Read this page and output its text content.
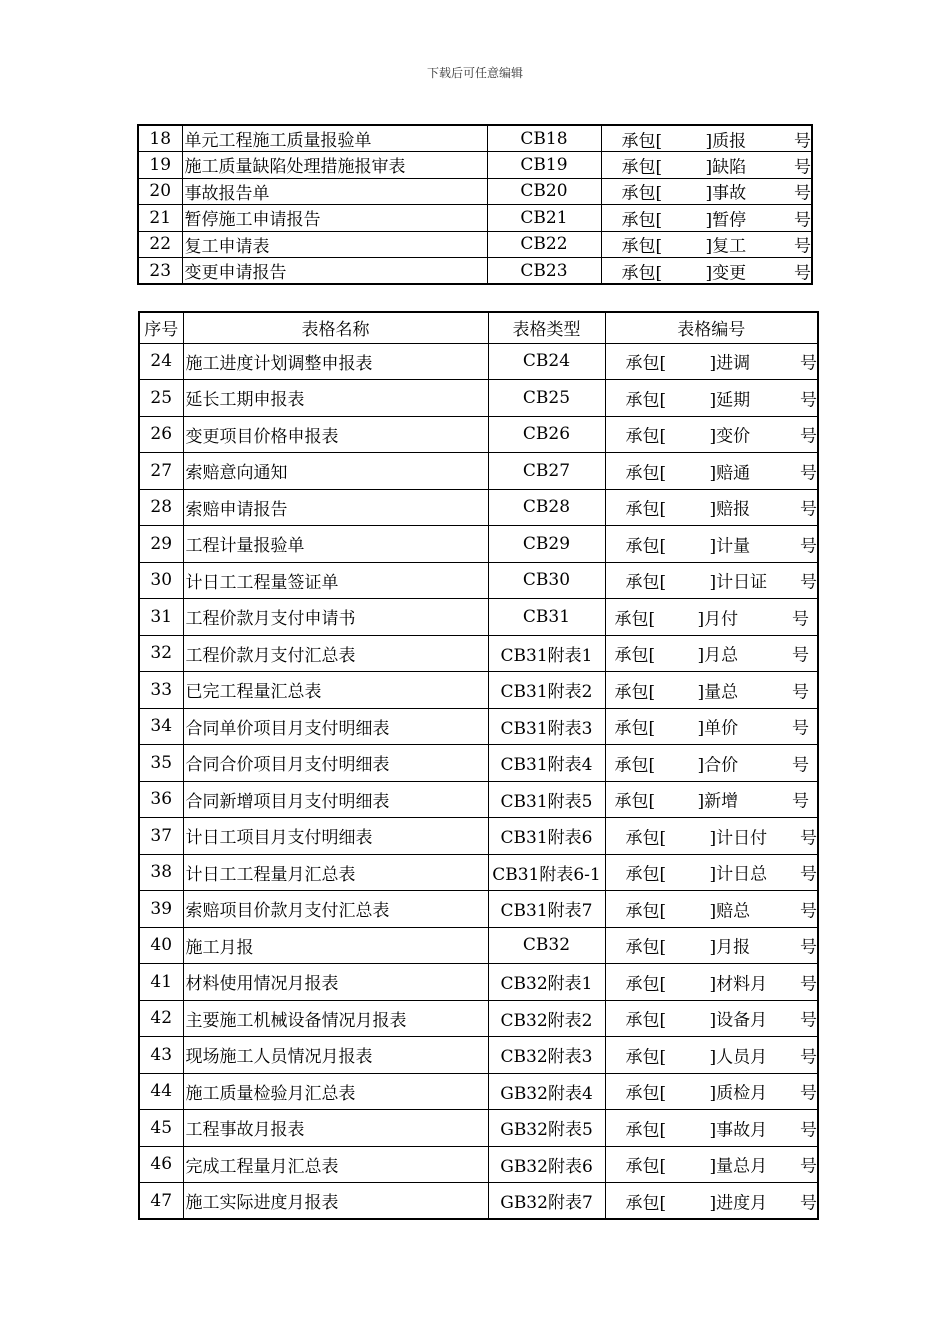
下载后可任意编辑
18	单元工程施工质量报验单	CB18	承包[ ]质报 号

19	施工质量缺陷处理措施报审表	CB19	承包[ ]缺陷 号

20	事故报告单	CB20	承包[ ]事故 号

21	暂停施工申请报告	CB21	承包[ ]暂停 号

22	复工申请表	CB22	承包[ ]复工 号

23	变更申请报告	CB23	承包[ ]变更 号
序号	表格名称	表格类型	表格编号
24	施工进度计划调整申报表	CB24	承包[ ]进调 号

25	延长工期申报表	CB25	承包[ ]延期 号

26	变更项目价格申报表	CB26	承包[ ]变价 号

27	索赔意向通知	CB27	承包[ ]赔通 号

28	索赔申请报告	CB28	承包[ ]赔报 号

29	工程计量报验单	CB29	承包[ ]计量 号

30	计日工工程量签证单	CB30	承包[ ]计日证 号

31	工程价款月支付申请书	CB31	承包[ ]月付 号

32	工程价款月支付汇总表	CB31附表1	承包[ ]月总 号

33	已完工程量汇总表	CB31附表2	承包[ ]量总 号

34	合同单价项目月支付明细表	CB31附表3	承包[ ]单价 号

35	合同合价项目月支付明细表	CB31附表4	承包[ ]合价 号

36	合同新增项目月支付明细表	CB31附表5	承包[ ]新增 号

37	计日工项目月支付明细表	CB31附表6	承包[ ]计日付 号

38	计日工工程量月汇总表	CB31附表6-1	承包[ ]计日总 号

39	索赔项目价款月支付汇总表	CB31附表7	承包[ ]赔总 号

40	施工月报	CB32	承包[ ]月报 号

41	材料使用情况月报表	CB32附表1	承包[ ]材料月 号

42	主要施工机械设备情况月报表	CB32附表2	承包[ ]设备月 号

43	现场施工人员情况月报表	CB32附表3	承包[ ]人员月 号

44	施工质量检验月汇总表	GB32附表4	承包[ ]质检月 号

45	工程事故月报表	GB32附表5	承包[ ]事故月 号

46	完成工程量月汇总表	GB32附表6	承包[ ]量总月 号

47	施工实际进度月报表	GB32附表7	承包[ ]进度月 号
